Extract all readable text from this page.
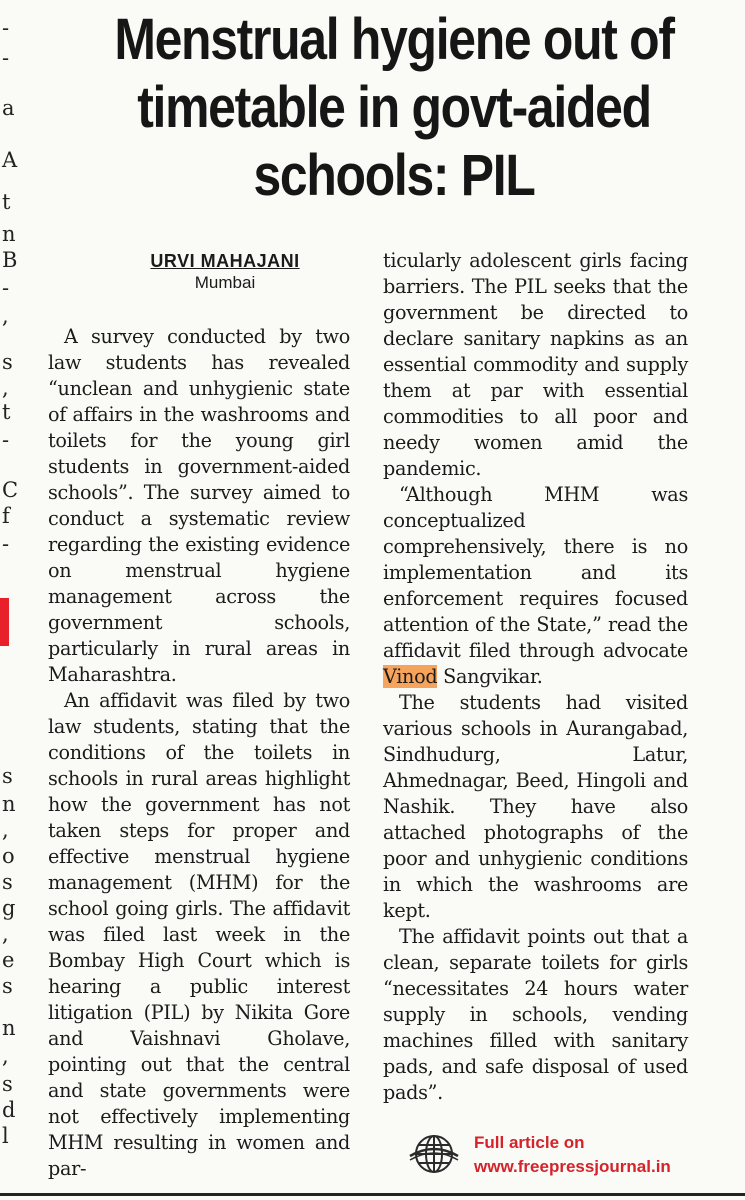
-
-
a
A
t
n
B
-
,
s
,
t
-
C
f
-
s
n
,
o
s
g
,
e
s
n
,
s
d
l
Menstrual hygiene out of timetable in govt-aided schools: PIL
URVI MAHAJANI
Mumbai

A survey conducted by two law students has revealed “unclean and unhygienic state of affairs in the washrooms and toilets for the young girl students in government-aided schools”. The survey aimed to conduct a systematic review regarding the existing evidence on menstrual hygiene management across the government schools, particularly in rural areas in Maharashtra.

An affidavit was filed by two law students, stating that the conditions of the toilets in schools in rural areas highlight how the government has not taken steps for proper and effective menstrual hygiene management (MHM) for the school going girls. The affidavit was filed last week in the Bombay High Court which is hearing a public interest litigation (PIL) by Nikita Gore and Vaishnavi Gholave, pointing out that the central and state governments were not effectively implementing MHM resulting in women and par-

ticularly adolescent girls facing barriers. The PIL seeks that the government be directed to declare sanitary napkins as an essential commodity and supply them at par with essential commodities to all poor and needy women amid the pandemic.

“Although MHM was conceptualized comprehensively, there is no implementation and its enforcement requires focused attention of the State,” read the affidavit filed through advocate Vinod Sangvikar.

The students had visited various schools in Aurangabad, Sindhudurg, Latur, Ahmednagar, Beed, Hingoli and Nashik. They have also attached photographs of the poor and unhygienic conditions in which the washrooms are kept.

The affidavit points out that a clean, separate toilets for girls “necessitates 24 hours water supply in schools, vending machines filled with sanitary pads, and safe disposal of used pads”.

Full article on
www.freepressjournal.in
